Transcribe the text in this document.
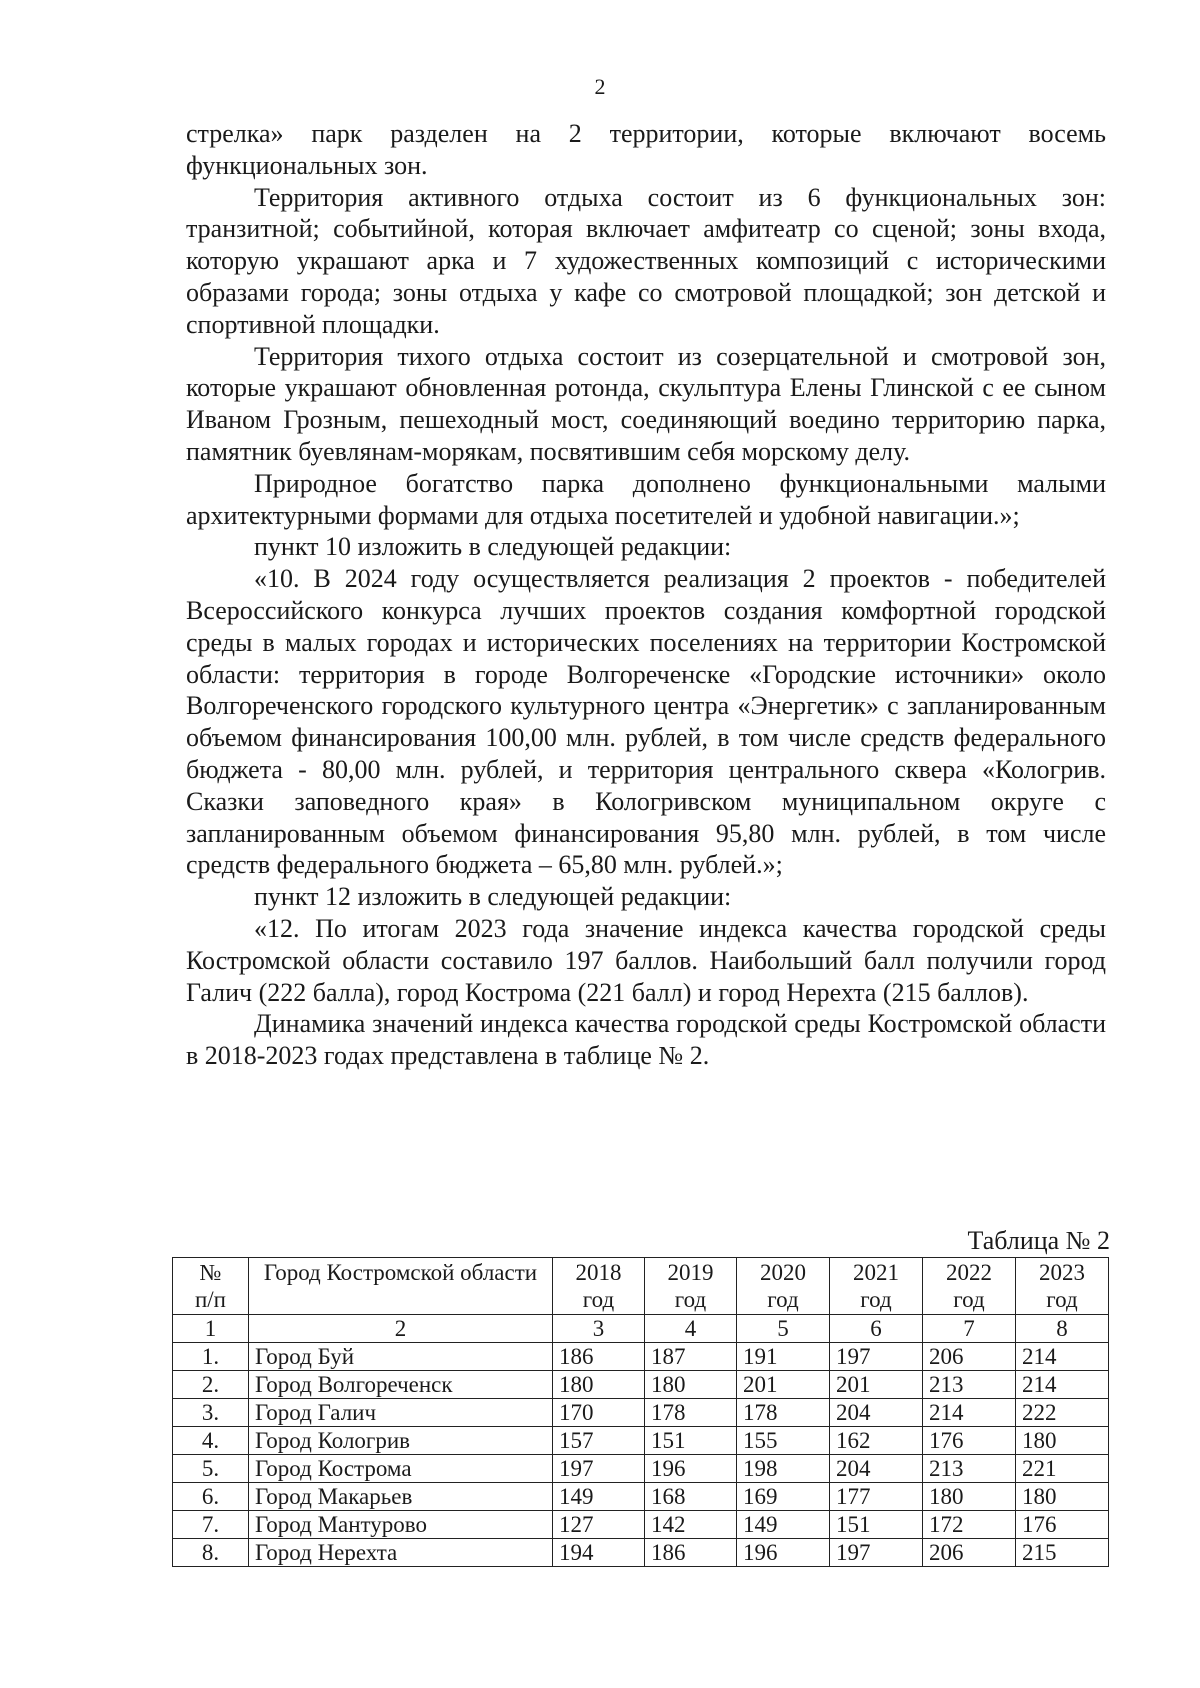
2

стрелка» парк разделен на 2 территории, которые включают восемь функциональных зон.

Территория активного отдыха состоит из 6 функциональных зон: транзитной; событийной, которая включает амфитеатр со сценой; зоны входа, которую украшают арка и 7 художественных композиций с историческими образами города; зоны отдыха у кафе со смотровой площадкой; зон детской и спортивной площадки.

Территория тихого отдыха состоит из созерцательной и смотровой зон, которые украшают обновленная ротонда, скульптура Елены Глинской с ее сыном Иваном Грозным, пешеходный мост, соединяющий воедино территорию парка, памятник буевлянам-морякам, посвятившим себя морскому делу.

Природное богатство парка дополнено функциональными малыми архитектурными формами для отдыха посетителей и удобной навигации.»;

пункт 10 изложить в следующей редакции:

«10. В 2024 году осуществляется реализация 2 проектов - победителей Всероссийского конкурса лучших проектов создания комфортной городской среды в малых городах и исторических поселениях на территории Костромской области: территория в городе Волгореченске «Городские источники» около Волгореченского городского культурного центра «Энергетик» с запланированным объемом финансирования 100,00 млн. рублей, в том числе средств федерального бюджета - 80,00 млн. рублей, и территория центрального сквера «Кологрив. Сказки заповедного края» в Кологривском муниципальном округе с запланированным объемом финансирования 95,80 млн. рублей, в том числе средств федерального бюджета – 65,80 млн. рублей.»;

пункт 12 изложить в следующей редакции:

«12. По итогам 2023 года значение индекса качества городской среды Костромской области составило 197 баллов. Наибольший балл получили город Галич (222 балла), город Кострома (221 балл) и город Нерехта (215 баллов).

Динамика значений индекса качества городской среды Костромской области в 2018-2023 годах представлена в таблице № 2.

Таблица № 2
№ п/п	Город Костромской области	2018 год	2019 год	2020 год	2021 год	2022 год	2023 год
1	2	3	4	5	6	7	8
1.	Город Буй	186	187	191	197	206	214
2.	Город Волгореченск	180	180	201	201	213	214
3.	Город Галич	170	178	178	204	214	222
4.	Город Кологрив	157	151	155	162	176	180
5.	Город Кострома	197	196	198	204	213	221
6.	Город Макарьев	149	168	169	177	180	180
7.	Город Мантурово	127	142	149	151	172	176
8.	Город Нерехта	194	186	196	197	206	215
